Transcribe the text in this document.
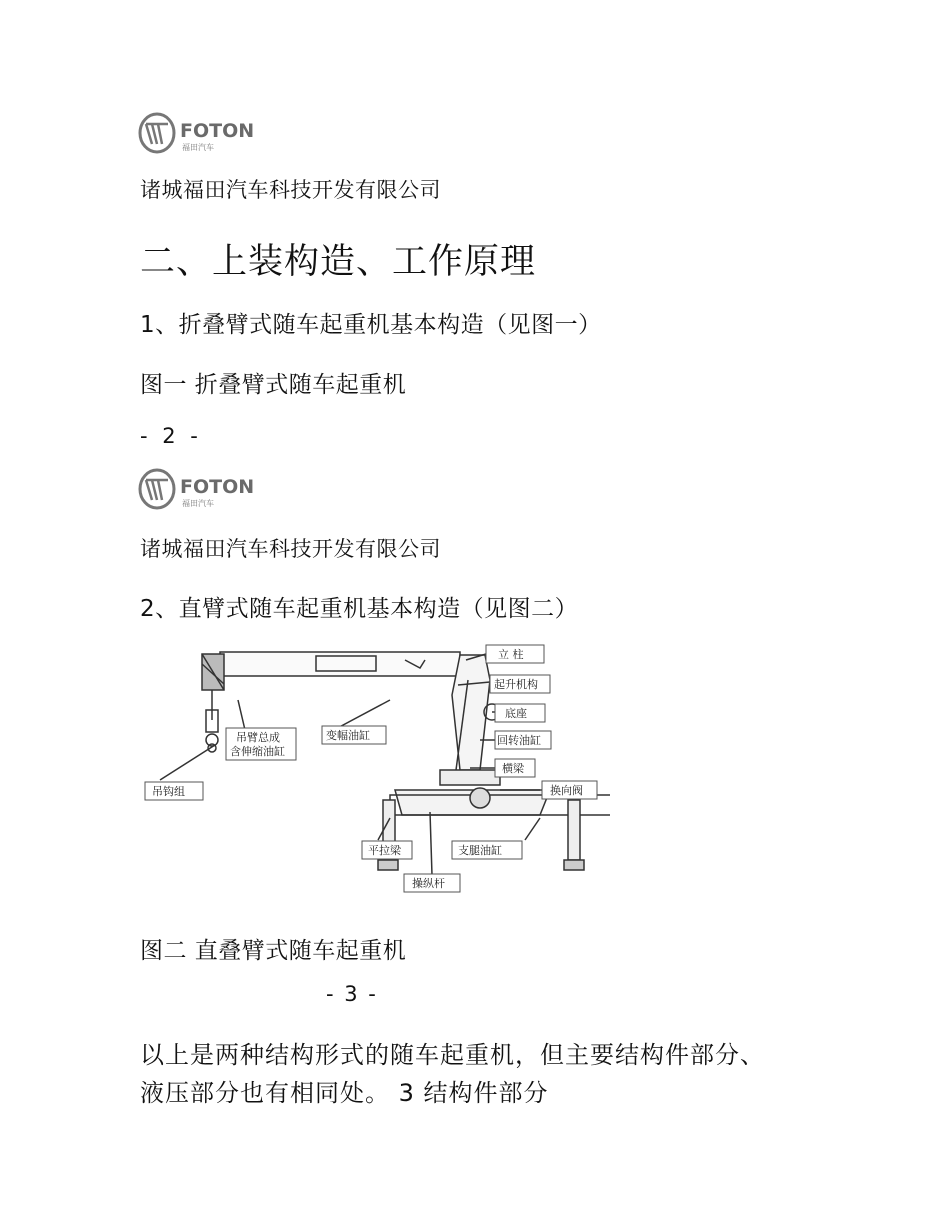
FOTON
福田汽车
诸城福田汽车科技开发有限公司
二、上装构造、工作原理
1、折叠臂式随车起重机基本构造（见图一）
图一 折叠臂式随车起重机
- 2 -
FOTON
福田汽车
诸城福田汽车科技开发有限公司
2、直臂式随车起重机基本构造（见图二）
立 柱
起升机构
底座
回转油缸
横梁
换向阀
吊臂总成
含伸缩油缸
变幅油缸
吊钩组
平拉梁	支腿油缸
操纵杆
图二 直叠臂式随车起重机
- 3 -
以上是两种结构形式的随车起重机，但主要结构件部分、
液压部分也有相同处。 3 结构件部分
